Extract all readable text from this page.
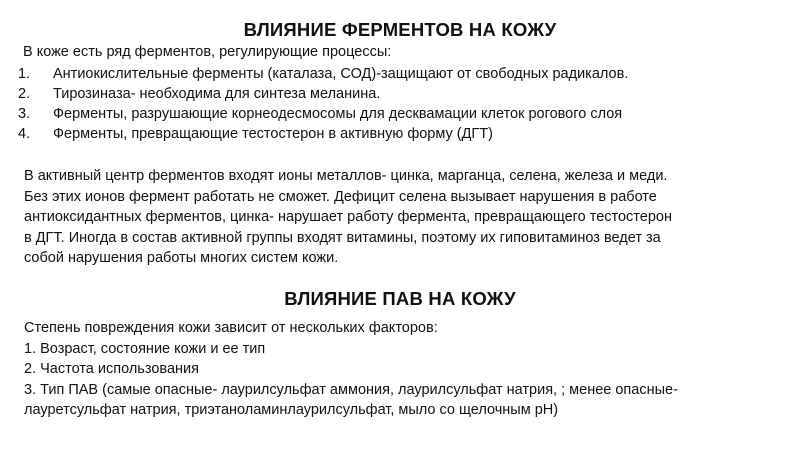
ВЛИЯНИЕ ФЕРМЕНТОВ НА КОЖУ

В коже есть ряд ферментов, регулирующие процессы:

1.	Антиокислительные ферменты (каталаза, СОД)-защищают от свободных радикалов.
2.	Тирозиназа- необходима для синтеза меланина.
3.	Ферменты, разрушающие корнеодесмосомы для десквамации клеток рогового слоя
4.	Ферменты, превращающие тестостерон в активную форму (ДГТ)

В активный центр ферментов входят ионы металлов- цинка, марганца, селена, железа и меди.
Без этих ионов фермент работать не сможет. Дефицит селена вызывает нарушения в работе
антиоксидантных ферментов, цинка- нарушает работу фермента, превращающего тестостерон
в ДГТ. Иногда в состав активной группы входят витамины, поэтому их гиповитаминоз ведет за
собой нарушения работы многих систем кожи.

ВЛИЯНИЕ ПАВ НА КОЖУ
Степень повреждения кожи зависит от нескольких факторов:
1. Возраст, состояние кожи и ее тип
2. Частота использования
3. Тип ПАВ (самые опасные- лаурилсульфат аммония, лаурилсульфат натрия, ; менее опасные-
лауретсульфат натрия, триэтаноламинлаурилсульфат, мыло со щелочным pH)
